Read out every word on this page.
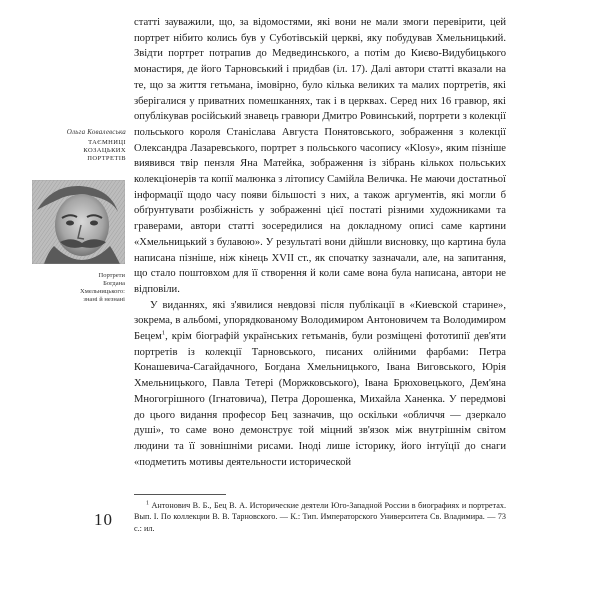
Ольга Ковалевська
ТАЄМНИЦІ
КОЗАЦЬКИХ
ПОРТРЕТІВ
Портрети
Богдана
Хмельницького:
знані й незнані

статті зауважили, що, за відомостями, які вони не мали змоги перевірити, цей портрет нібито колись був у Суботівській церкві, яку побудував Хмельницький. Звідти портрет потрапив до Медвединського, а потім до Києво-Видубицького монастиря, де його Тарновський і придбав (іл. 17). Далі автори статті вказали на те, що за життя гетьмана, імовірно, було кілька великих та малих портретів, які зберігалися у приватних помешканнях, так і в церквах. Серед них 16 гравюр, які опублікував російський знавець гравюри Дмитро Ровинський, портрети з колекції польського короля Станіслава Августа Понятовського, зображення з колекції Олександра Лазаревського, портрет з польського часопису «Klosy», яким пізніше виявився твір пензля Яна Матейка, зображення із зібрань кількох польських колекціонерів та копії малюнка з літопису Самійла Величка. Не маючи достатньої інформації щодо часу появи більшості з них, а також аргументів, які могли б обґрунтувати розбіжність у зображенні цієї постаті різними художниками та граверами, автори статті зосередилися на докладному описі саме картини «Хмельницький з булавою». У результаті вони дійшли висновку, що картина була написана пізніше, ніж кінець XVII ст., як спочатку зазначали, але, на запитання, що стало поштовхом для її створення й коли саме вона була написана, автори не відповіли.

У виданнях, які з'явилися невдовзі після публікації в «Киевской старине», зокрема, в альбомі, упорядкованому Володимиром Антоновичем та Володимиром Бецем$^1$, крім біографій українських гетьманів, були розміщені фототипії дев'яти портретів із колекції Тарновського, писаних олійними фарбами: Петра Конашевича-Сагайдачного, Богдана Хмельницького, Івана Виговського, Юрія Хмельницького, Павла Тетері (Моржковського), Івана Брюховецького, Дем'яна Многогрішного (Ігнатовича), Петра Дорошенка, Михайла Ханенка. У передмові до цього видання професор Бец зазначив, що оскільки «обличчя — дзеркало душі», то саме воно демонструє той міцний зв'язок між внутрішнім світом людини та її зовнішніми рисами. Іноді лише історику, його інтуїції до снаги «подметить мотивы деятельности исторической

$^1$ Антонович В. Б., Бец В. А. Исторические деятели Юго-Западной России в биографиях и портретах. Вып. I. По коллекции В. В. Тарновского. — К.: Тип. Императорского Университета Св. Владимира. — 73 с.: ил.
10
